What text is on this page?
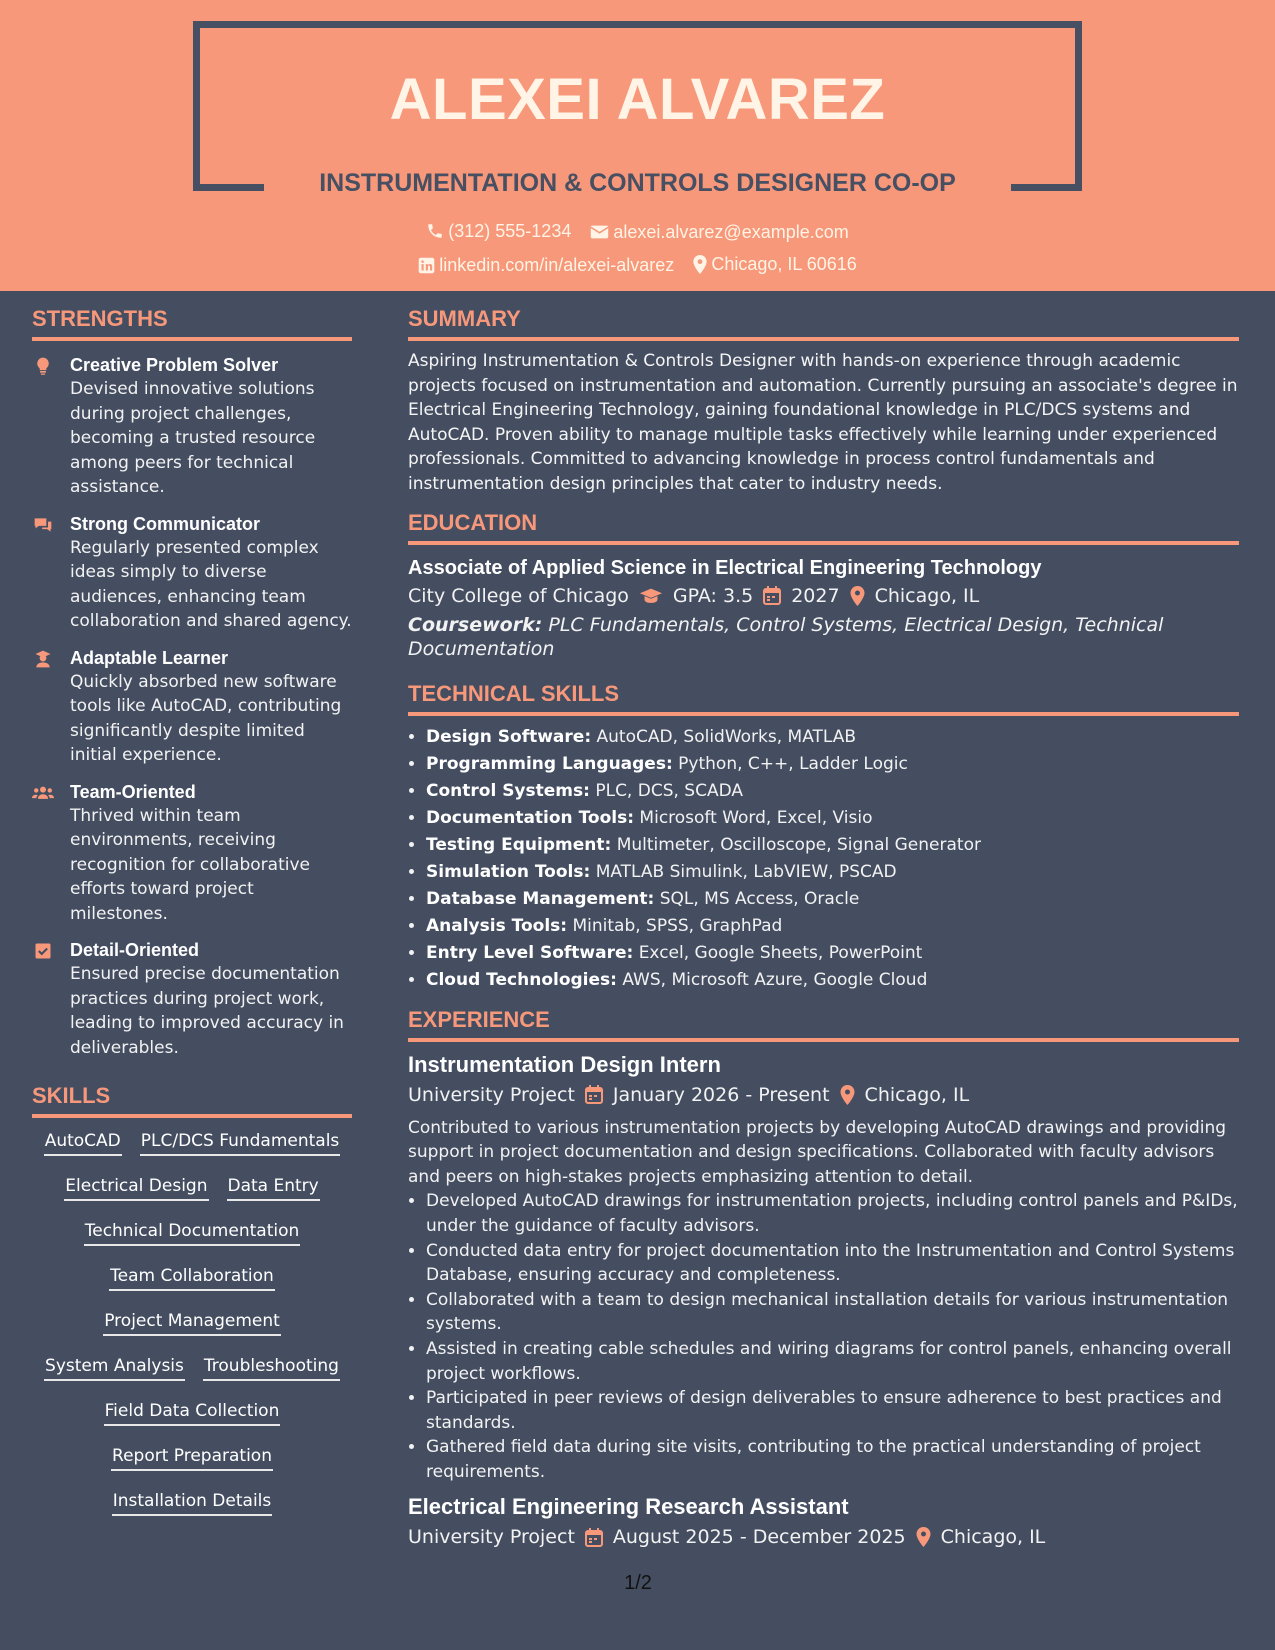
ALEXEI ALVAREZ
INSTRUMENTATION & CONTROLS DESIGNER CO-OP
(312) 555-1234
alexei.alvarez@example.com
linkedin.com/in/alexei-alvarez
Chicago, IL 60616
STRENGTHS
Creative Problem Solver
Devised innovative solutions during project challenges, becoming a trusted resource among peers for technical assistance.
Strong Communicator
Regularly presented complex ideas simply to diverse audiences, enhancing team collaboration and shared agency.
Adaptable Learner
Quickly absorbed new software tools like AutoCAD, contributing significantly despite limited initial experience.
Team-Oriented
Thrived within team environments, receiving recognition for collaborative efforts toward project milestones.
Detail-Oriented
Ensured precise documentation practices during project work, leading to improved accuracy in deliverables.
SKILLS
AutoCAD PLC/DCS Fundamentals
Electrical Design Data Entry
Technical Documentation
Team Collaboration
Project Management
System Analysis Troubleshooting
Field Data Collection
Report Preparation
Installation Details
SUMMARY
Aspiring Instrumentation & Controls Designer with hands-on experience through academic projects focused on instrumentation and automation. Currently pursuing an associate's degree in Electrical Engineering Technology, gaining foundational knowledge in PLC/DCS systems and AutoCAD. Proven ability to manage multiple tasks effectively while learning under experienced professionals. Committed to advancing knowledge in process control fundamentals and instrumentation design principles that cater to industry needs.
EDUCATION
Associate of Applied Science in Electrical Engineering Technology
City College of Chicago GPA: 3.5 2027 Chicago, IL
Coursework: PLC Fundamentals, Control Systems, Electrical Design, Technical Documentation
TECHNICAL SKILLS
• Design Software: AutoCAD, SolidWorks, MATLAB
• Programming Languages: Python, C++, Ladder Logic
• Control Systems: PLC, DCS, SCADA
• Documentation Tools: Microsoft Word, Excel, Visio
• Testing Equipment: Multimeter, Oscilloscope, Signal Generator
• Simulation Tools: MATLAB Simulink, LabVIEW, PSCAD
• Database Management: SQL, MS Access, Oracle
• Analysis Tools: Minitab, SPSS, GraphPad
• Entry Level Software: Excel, Google Sheets, PowerPoint
• Cloud Technologies: AWS, Microsoft Azure, Google Cloud
EXPERIENCE
Instrumentation Design Intern
University Project January 2026 - Present Chicago, IL
Contributed to various instrumentation projects by developing AutoCAD drawings and providing support in project documentation and design specifications. Collaborated with faculty advisors and peers on high-stakes projects emphasizing attention to detail.
• Developed AutoCAD drawings for instrumentation projects, including control panels and P&IDs, under the guidance of faculty advisors.
• Conducted data entry for project documentation into the Instrumentation and Control Systems Database, ensuring accuracy and completeness.
• Collaborated with a team to design mechanical installation details for various instrumentation systems.
• Assisted in creating cable schedules and wiring diagrams for control panels, enhancing overall project workflows.
• Participated in peer reviews of design deliverables to ensure adherence to best practices and standards.
• Gathered field data during site visits, contributing to the practical understanding of project requirements.
Electrical Engineering Research Assistant
University Project August 2025 - December 2025 Chicago, IL
1/2
